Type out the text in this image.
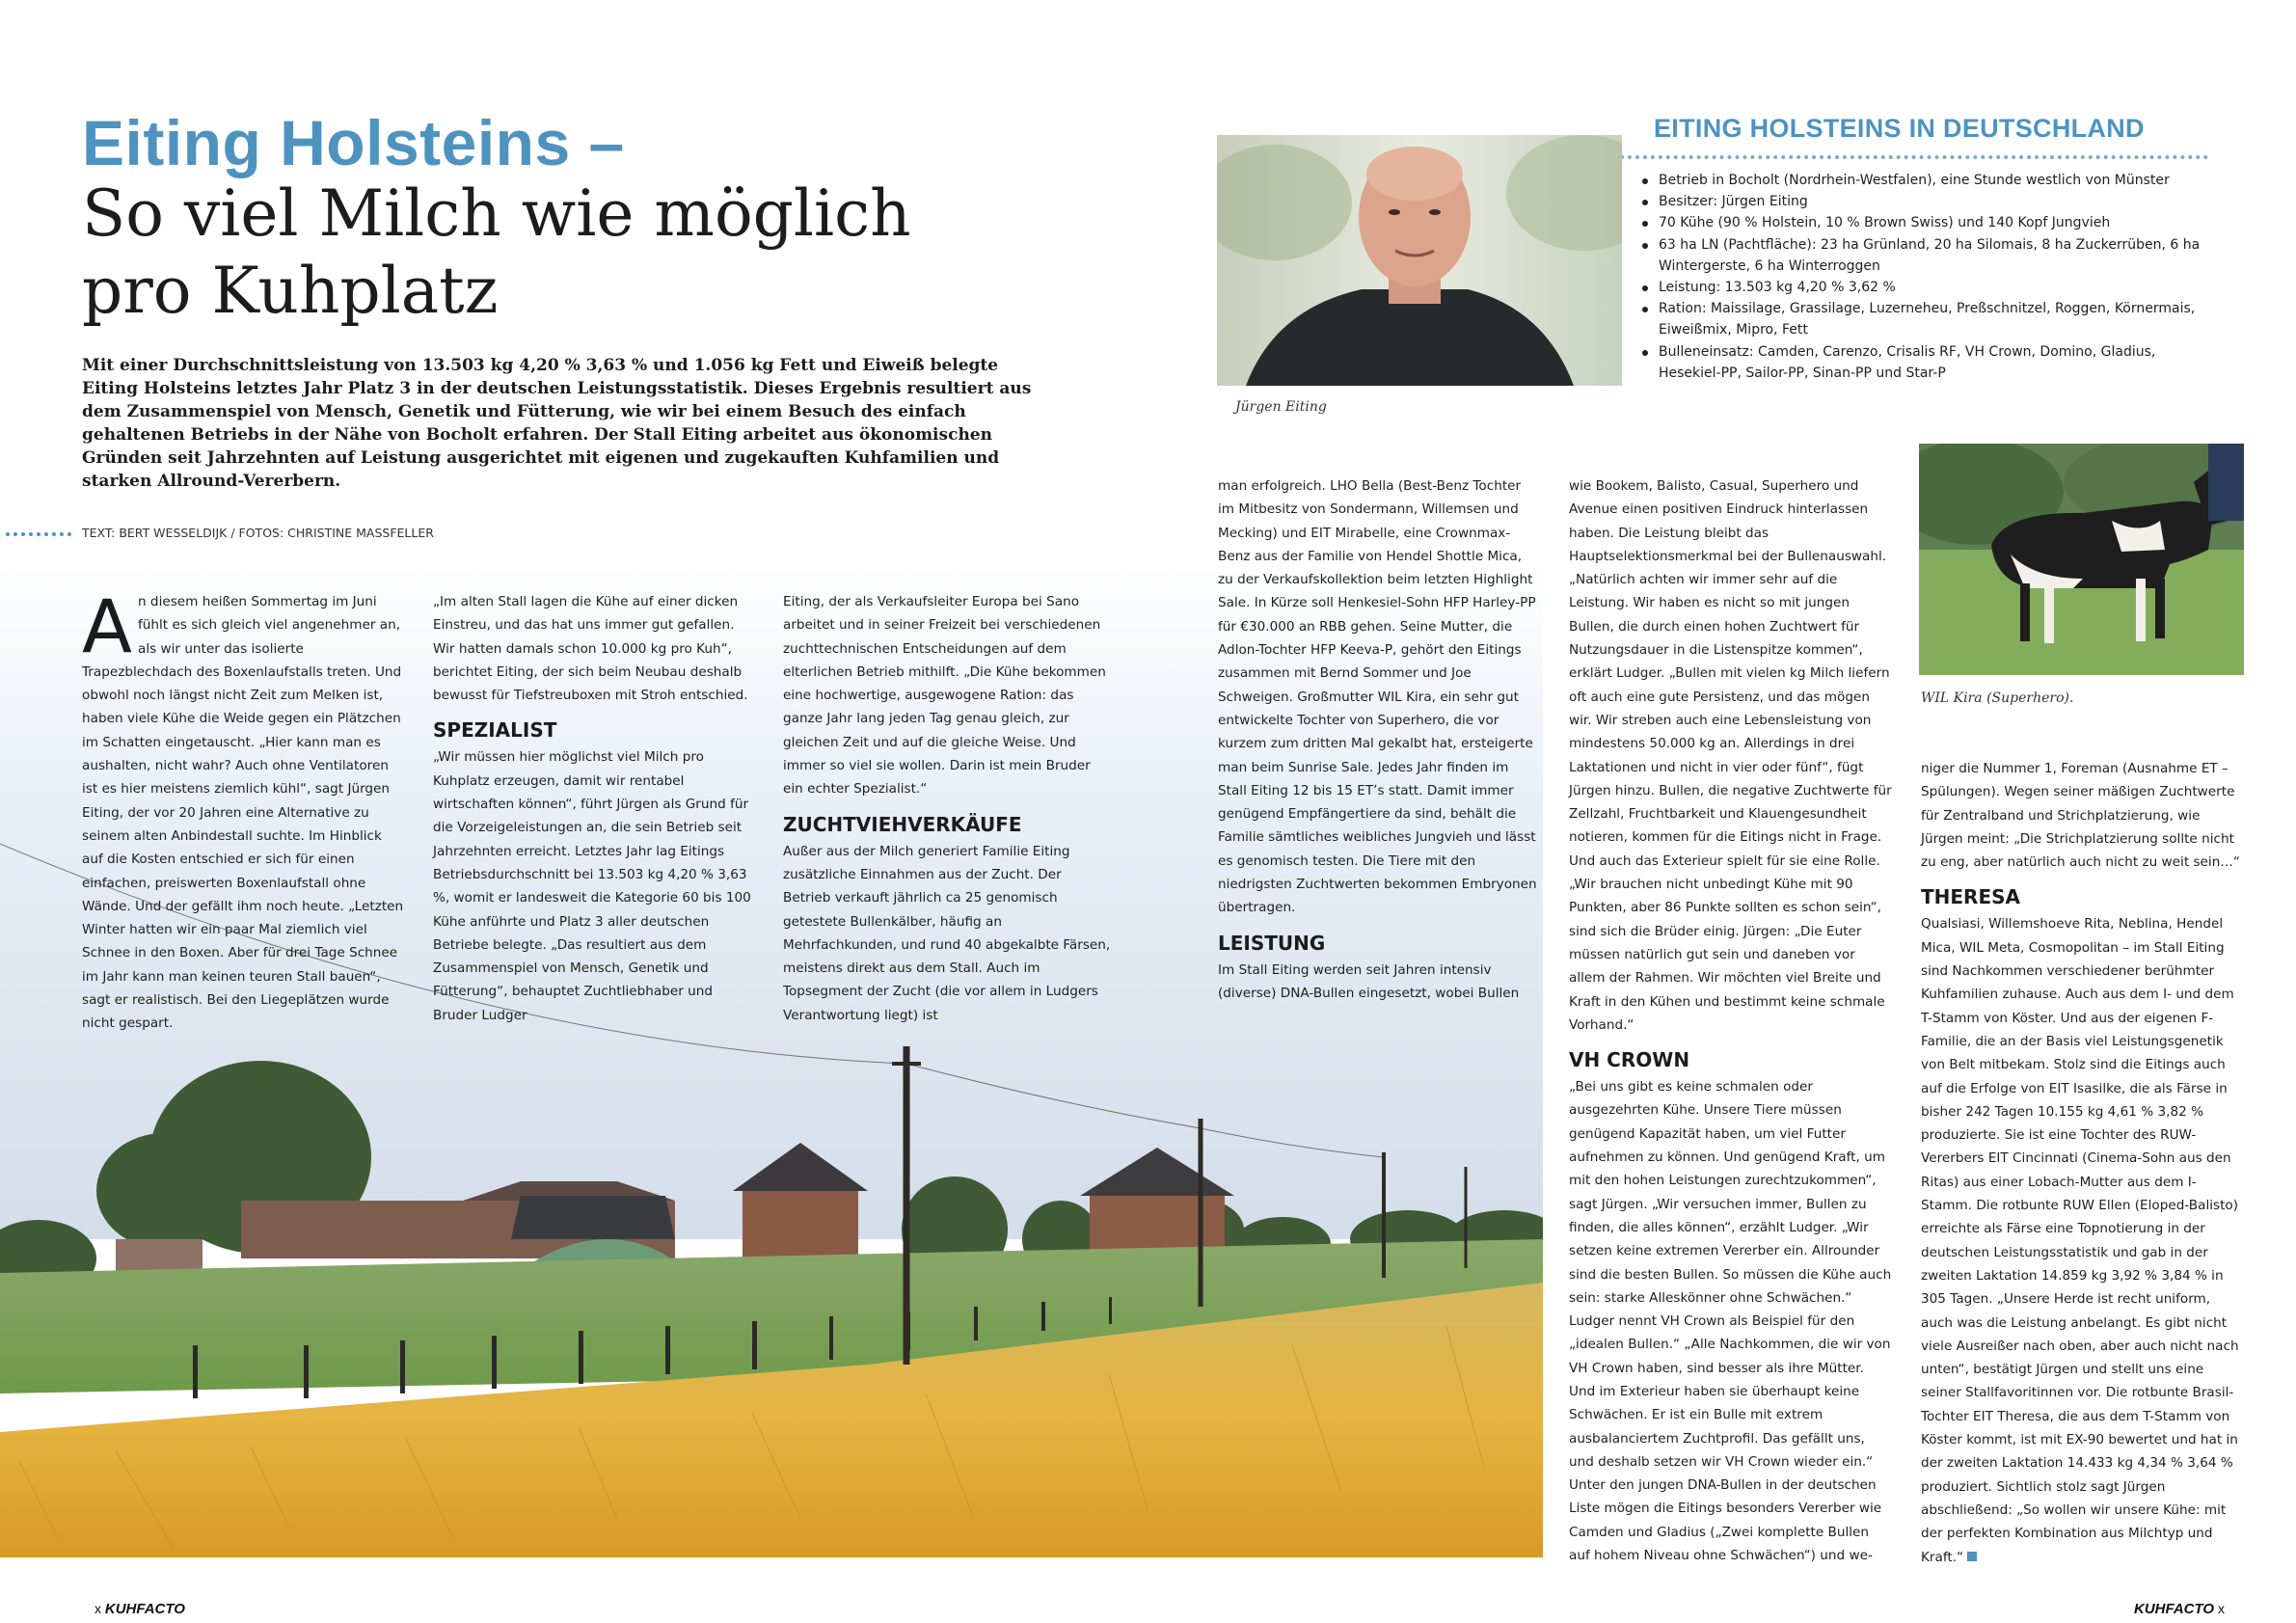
Eiting Holsteins –
So viel Milch wie möglich
pro Kuhplatz

Mit einer Durchschnittsleistung von 13.503 kg 4,20 % 3,63 % und 1.056 kg Fett und Eiweiß belegte Eiting Holsteins letztes Jahr Platz 3 in der deutschen Leistungsstatistik. Dieses Ergebnis resultiert aus dem Zusammenspiel von Mensch, Genetik und Fütterung, wie wir bei einem Besuch des einfach gehaltenen Betriebs in der Nähe von Bocholt erfahren. Der Stall Eiting arbeitet aus ökonomischen Gründen seit Jahrzehnten auf Leistung ausgerichtet mit eigenen und zugekauften Kuhfamilien und starken Allround-Vererbern.

TEXT: BERT WESSELDIJK / FOTOS: CHRISTINE MASSFELLER

An diesem heißen Sommertag im Juni fühlt es sich gleich viel angenehmer an, als wir unter das isolierte Trapezblechdach des Boxenlaufstalls treten. Und obwohl noch längst nicht Zeit zum Melken ist, haben viele Kühe die Weide gegen ein Plätzchen im Schatten eingetauscht. „Hier kann man es aushalten, nicht wahr? Auch ohne Ventilatoren ist es hier meistens ziemlich kühl“, sagt Jürgen Eiting, der vor 20 Jahren eine Alternative zu seinem alten Anbindestall suchte. Im Hinblick auf die Kosten entschied er sich für einen einfachen, preiswerten Boxenlaufstall ohne Wände. Und der gefällt ihm noch heute. „Letzten Winter hatten wir ein paar Mal ziemlich viel Schnee in den Boxen. Aber für drei Tage Schnee im Jahr kann man keinen teuren Stall bauen“, sagt er realistisch. Bei den Liegeplätzen wurde nicht gespart.

„Im alten Stall lagen die Kühe auf einer dicken Einstreu, und das hat uns immer gut gefallen. Wir hatten damals schon 10.000 kg pro Kuh“, berichtet Eiting, der sich beim Neubau deshalb bewusst für Tiefstreuboxen mit Stroh entschied.

SPEZIALIST

„Wir müssen hier möglichst viel Milch pro Kuhplatz erzeugen, damit wir rentabel wirtschaften können“, führt Jürgen als Grund für die Vorzeigeleistungen an, die sein Betrieb seit Jahrzehnten erreicht. Letztes Jahr lag Eitings Betriebsdurchschnitt bei 13.503 kg 4,20 % 3,63 %, womit er landesweit die Kategorie 60 bis 100 Kühe anführte und Platz 3 aller deutschen Betriebe belegte. „Das resultiert aus dem Zusammenspiel von Mensch, Genetik und Fütterung“, behauptet Zuchtliebhaber und Bruder Ludger

Eiting, der als Verkaufsleiter Europa bei Sano arbeitet und in seiner Freizeit bei verschiedenen zuchttechnischen Entscheidungen auf dem elterlichen Betrieb mithilft. „Die Kühe bekommen eine hochwertige, ausgewogene Ration: das ganze Jahr lang jeden Tag genau gleich, zur gleichen Zeit und auf die gleiche Weise. Und immer so viel sie wollen. Darin ist mein Bruder ein echter Spezialist.“

ZUCHTVIEHVERKÄUFE

Außer aus der Milch generiert Familie Eiting zusätzliche Einnahmen aus der Zucht. Der Betrieb verkauft jährlich ca 25 genomisch getestete Bullenkälber, häufig an Mehrfachkunden, und rund 40 abgekalbte Färsen, meistens direkt aus dem Stall. Auch im Topsegment der Zucht (die vor allem in Ludgers Verantwortung liegt) ist

man erfolgreich. LHO Bella (Best-Benz Tochter im Mitbesitz von Sondermann, Willemsen und Mecking) und EIT Mirabelle, eine Crownmax-Benz aus der Familie von Hendel Shottle Mica, zu der Verkaufskollektion beim letzten Highlight Sale. In Kürze soll Henkesiel-Sohn HFP Harley-PP für €30.000 an RBB gehen. Seine Mutter, die Adlon-Tochter HFP Keeva-P, gehört den Eitings zusammen mit Bernd Sommer und Joe Schweigen. Großmutter WIL Kira, ein sehr gut entwickelte Tochter von Superhero, die vor kurzem zum dritten Mal gekalbt hat, ersteigerte man beim Sunrise Sale. Jedes Jahr finden im Stall Eiting 12 bis 15 ET’s statt. Damit immer genügend Empfängertiere da sind, behält die Familie sämtliches weibliches Jungvieh und lässt es genomisch testen. Die Tiere mit den niedrigsten Zuchtwerten bekommen Embryonen übertragen.

LEISTUNG

Im Stall Eiting werden seit Jahren intensiv (diverse) DNA-Bullen eingesetzt, wobei Bullen

wie Bookem, Balisto, Casual, Superhero und Avenue einen positiven Eindruck hinterlassen haben. Die Leistung bleibt das Hauptselektionsmerkmal bei der Bullenauswahl. „Natürlich achten wir immer sehr auf die Leistung. Wir haben es nicht so mit jungen Bullen, die durch einen hohen Zuchtwert für Nutzungsdauer in die Listenspitze kommen“, erklärt Ludger. „Bullen mit vielen kg Milch liefern oft auch eine gute Persistenz, und das mögen wir. Wir streben auch eine Lebensleistung von mindestens 50.000 kg an. Allerdings in drei Laktationen und nicht in vier oder fünf“, fügt Jürgen hinzu. Bullen, die negative Zuchtwerte für Zellzahl, Fruchtbarkeit und Klauengesundheit notieren, kommen für die Eitings nicht in Frage. Und auch das Exterieur spielt für sie eine Rolle. „Wir brauchen nicht unbedingt Kühe mit 90 Punkten, aber 86 Punkte sollten es schon sein“, sind sich die Brüder einig. Jürgen: „Die Euter müssen natürlich gut sein und daneben vor allem der Rahmen. Wir möchten viel Breite und Kraft in den Kühen und bestimmt keine schmale Vorhand.“

VH CROWN

„Bei uns gibt es keine schmalen oder ausgezehrten Kühe. Unsere Tiere müssen genügend Kapazität haben, um viel Futter aufnehmen zu können. Und genügend Kraft, um mit den hohen Leistungen zurechtzukommen“, sagt Jürgen. „Wir versuchen immer, Bullen zu finden, die alles können“, erzählt Ludger. „Wir setzen keine extremen Vererber ein. Allrounder sind die besten Bullen. So müssen die Kühe auch sein: starke Alleskönner ohne Schwächen.“ Ludger nennt VH Crown als Beispiel für den „idealen Bullen.“ „Alle Nachkommen, die wir von VH Crown haben, sind besser als ihre Mütter. Und im Exterieur haben sie überhaupt keine Schwächen. Er ist ein Bulle mit extrem ausbalanciertem Zuchtprofil. Das gefällt uns, und deshalb setzen wir VH Crown wieder ein.“ Unter den jungen DNA-Bullen in der deutschen Liste mögen die Eitings besonders Vererber wie Camden und Gladius („Zwei komplette Bullen auf hohem Niveau ohne Schwächen“) und we-

niger die Nummer 1, Foreman (Ausnahme ET – Spülungen). Wegen seiner mäßigen Zuchtwerte für Zentralband und Strichplatzierung, wie Jürgen meint: „Die Strichplatzierung sollte nicht zu eng, aber natürlich auch nicht zu weit sein…“

THERESA

Qualsiasi, Willemshoeve Rita, Neblina, Hendel Mica, WIL Meta, Cosmopolitan – im Stall Eiting sind Nachkommen verschiedener berühmter Kuhfamilien zuhause. Auch aus dem I- und dem T-Stamm von Köster. Und aus der eigenen F-Familie, die an der Basis viel Leistungsgenetik von Belt mitbekam. Stolz sind die Eitings auch auf die Erfolge von EIT Isasilke, die als Färse in bisher 242 Tagen 10.155 kg 4,61 % 3,82 % produzierte. Sie ist eine Tochter des RUW-Vererbers EIT Cincinnati (Cinema-Sohn aus den Ritas) aus einer Lobach-Mutter aus dem I-Stamm. Die rotbunte RUW Ellen (Eloped-Balisto) erreichte als Färse eine Topnotierung in der deutschen Leistungsstatistik und gab in der zweiten Laktation 14.859 kg 3,92 % 3,84 % in 305 Tagen. „Unsere Herde ist recht uniform, auch was die Leistung anbelangt. Es gibt nicht viele Ausreißer nach oben, aber auch nicht nach unten“, bestätigt Jürgen und stellt uns eine seiner Stallfavoritinnen vor. Die rotbunte Brasil-Tochter EIT Theresa, die aus dem T-Stamm von Köster kommt, ist mit EX-90 bewertet und hat in der zweiten Laktation 14.433 kg 4,34 % 3,64 % produziert. Sichtlich stolz sagt Jürgen abschließend: „So wollen wir unsere Kühe: mit der perfekten Kombination aus Milchtyp und Kraft.“

EITING HOLSTEINS IN DEUTSCHLAND
Betrieb in Bocholt (Nordrhein-Westfalen), eine Stunde westlich von Münster
Besitzer: Jürgen Eiting
70 Kühe (90 % Holstein, 10 % Brown Swiss) und 140 Kopf Jungvieh
63 ha LN (Pachtfläche): 23 ha Grünland, 20 ha Silomais, 8 ha Zuckerrüben, 6 ha Wintergerste, 6 ha Winterroggen
Leistung: 13.503 kg 4,20 % 3,62 %
Ration: Maissilage, Grassilage, Luzerneheu, Preßschnitzel, Roggen, Körnermais, Eiweißmix, Mipro, Fett
Bulleneinsatz: Camden, Carenzo, Crisalis RF, VH Crown, Domino, Gladius, Hesekiel-PP, Sailor-PP, Sinan-PP und Star-P
Jürgen Eiting
WIL Kira (Superhero).
x KUHFACTO	KUHFACTO x
